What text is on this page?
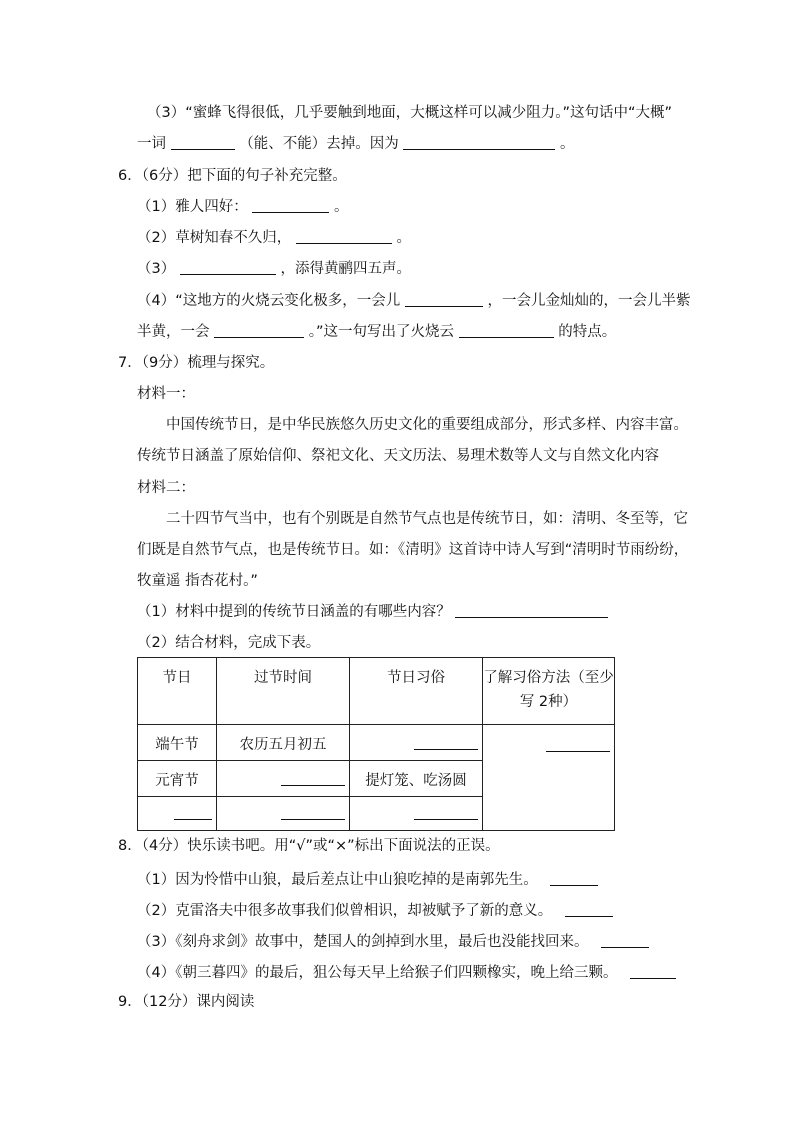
（3）“蜜蜂飞得很低，几乎要触到地面，大概这样可以减少阻力。”这句话中“大概”
一词	（能、不能）去掉。因为	。
6．（6分）把下面的句子补充完整。
（1）雅人四好：	。
（2）草树知春不久归，	。
（3）	，添得黄鹂四五声。
（4）“这地方的火烧云变化极多，一会儿	，一会儿金灿灿的，一会儿半紫
半黄，一会	。”这一句写出了火烧云	的特点。
7．（9分）梳理与探究。
材料一：
中国传统节日，是中华民族悠久历史文化的重要组成部分，形式多样、内容丰富。
传统节日涵盖了原始信仰、祭祀文化、天文历法、易理术数等人文与自然文化内容
材料二：
二十四节气当中，也有个别既是自然节气点也是传统节日，如：清明、冬至等，它
们既是自然节气点，也是传统节日。如：《清明》这首诗中诗人写到“清明时节雨纷纷，
牧童遥 指杏花村。”
（1）材料中提到的传统节日涵盖的有哪些内容？
（2）结合材料，完成下表。
节日	过节时间	节日习俗	了解习俗方法（至少
写 2种）

端午节	农历五月初五	

元宵节		提灯笼、吃汤圆	

8．（4分）快乐读书吧。用“√”或“×”标出下面说法的正误。
（1）因为怜惜中山狼，最后差点让中山狼吃掉的是南郭先生。
（2）克雷洛夫中很多故事我们似曾相识，却被赋予了新的意义。
（3）《刻舟求剑》故事中，楚国人的剑掉到水里，最后也没能找回来。
（4）《朝三暮四》的最后，狙公每天早上给猴子们四颗橡实，晚上给三颗。
9．（12分）课内阅读
